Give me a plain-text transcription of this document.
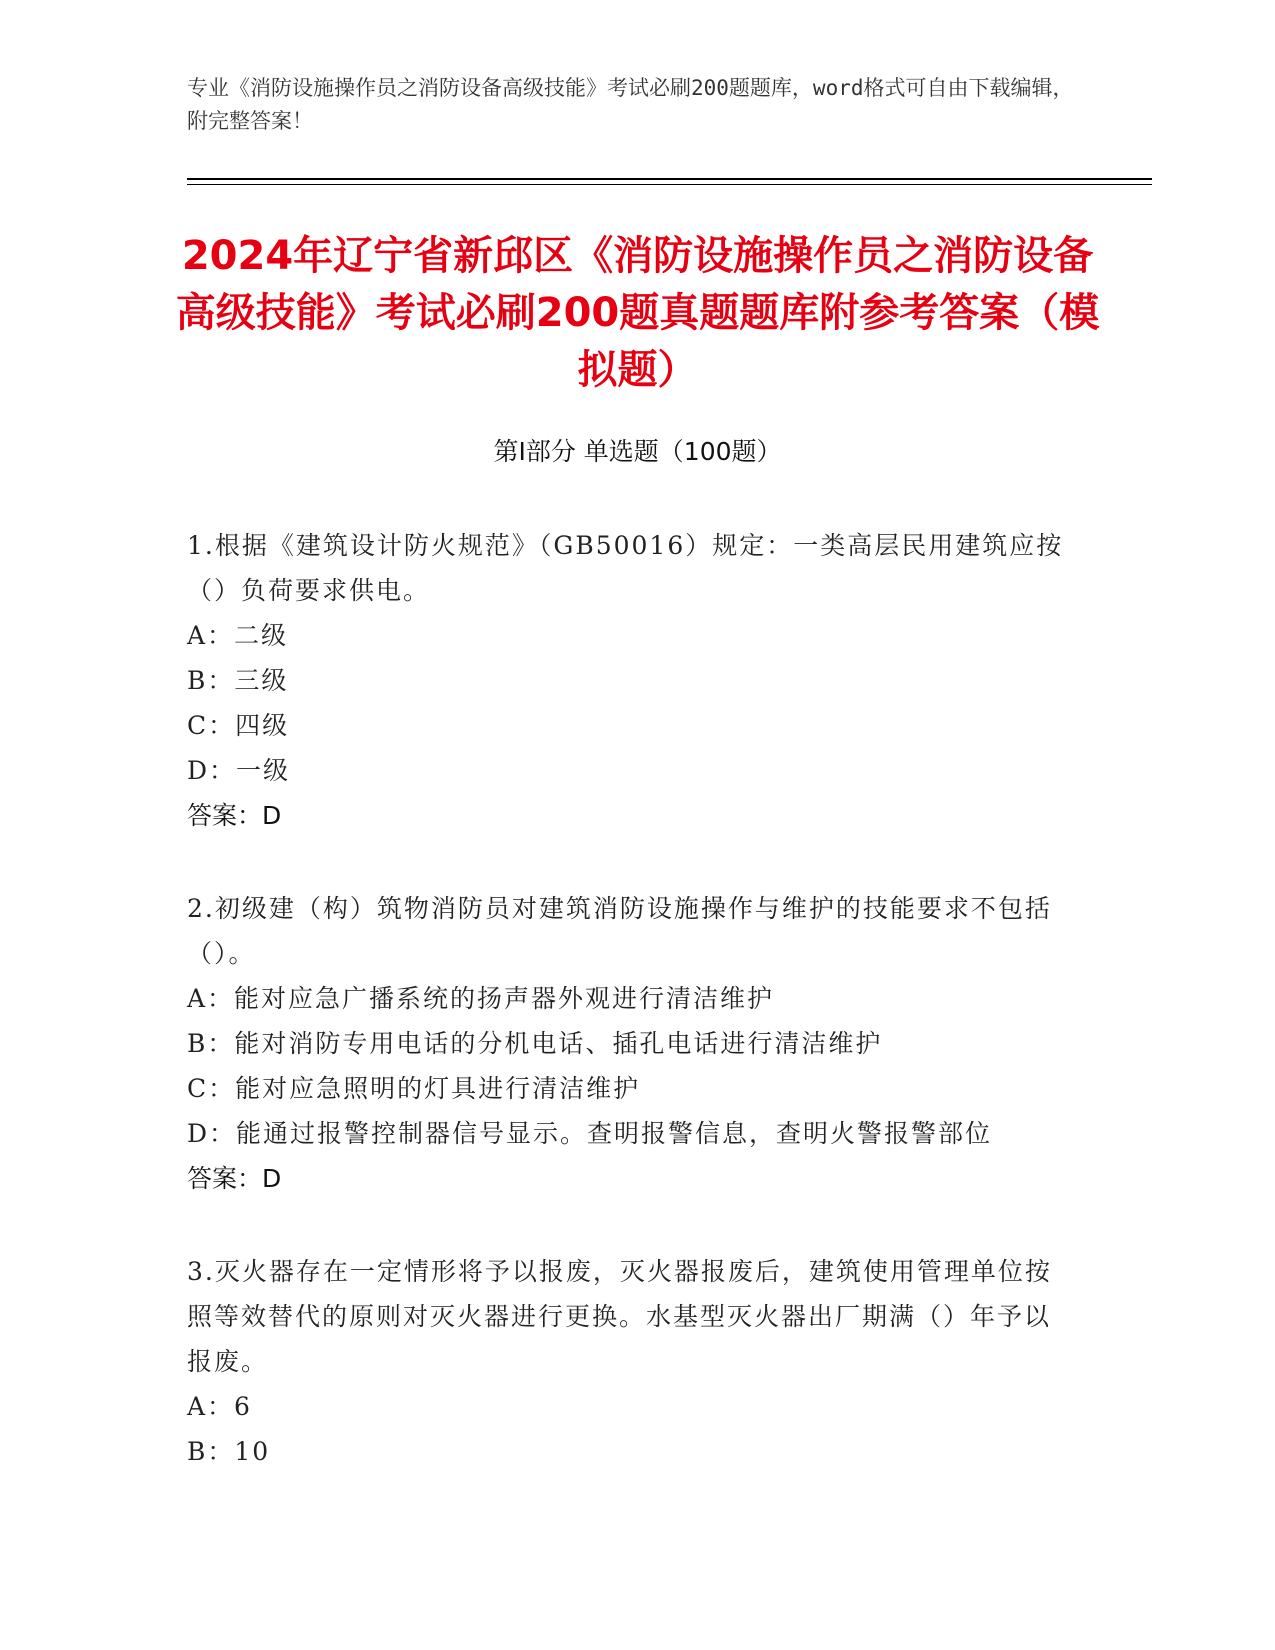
专业《消防设施操作员之消防设备高级技能》考试必刷200题题库，word格式可自由下载编辑，附完整答案！
2024年辽宁省新邱区《消防设施操作员之消防设备高级技能》考试必刷200题真题题库附参考答案（模拟题）
第Ⅰ部分 单选题（100题）
1.根据《建筑设计防火规范》（GB50016）规定：一类高层民用建筑应按（）负荷要求供电。
A：二级
B：三级
C：四级
D：一级
答案：D
2.初级建（构）筑物消防员对建筑消防设施操作与维护的技能要求不包括（）。
A：能对应急广播系统的扬声器外观进行清洁维护
B：能对消防专用电话的分机电话、插孔电话进行清洁维护
C：能对应急照明的灯具进行清洁维护
D：能通过报警控制器信号显示。查明报警信息，查明火警报警部位
答案：D
3.灭火器存在一定情形将予以报废，灭火器报废后，建筑使用管理单位按照等效替代的原则对灭火器进行更换。水基型灭火器出厂期满（）年予以报废。
A：6
B：10
